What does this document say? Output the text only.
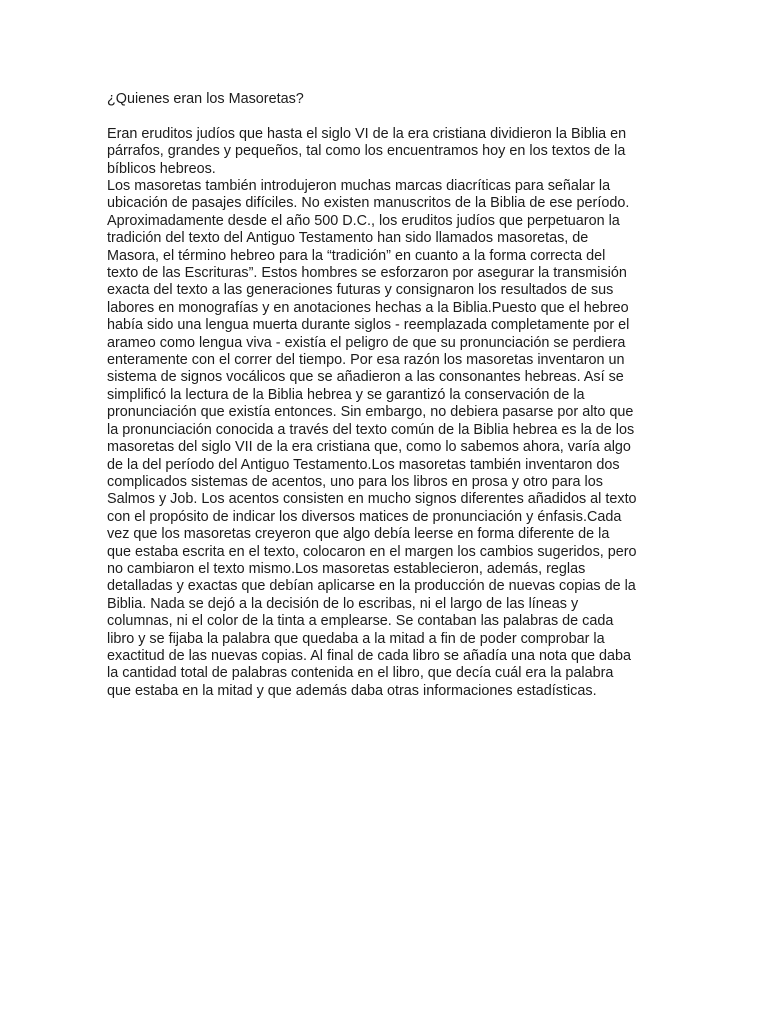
¿Quienes eran los Masoretas?
Eran eruditos judíos que hasta el siglo VI de la era cristiana dividieron la Biblia en
párrafos, grandes y pequeños, tal como los encuentramos hoy en los textos de la
bíblicos hebreos.
Los masoretas también introdujeron muchas marcas diacríticas para señalar la
ubicación de pasajes difíciles. No existen manuscritos de la Biblia de ese período.
Aproximadamente desde el año 500 D.C., los eruditos judíos que perpetuaron la
tradición del texto del Antiguo Testamento han sido llamados masoretas, de
Masora, el término hebreo para la “tradición” en cuanto a la forma correcta del
texto de las Escrituras”. Estos hombres se esforzaron por asegurar la transmisión
exacta del texto a las generaciones futuras y consignaron los resultados de sus
labores en monografías y en anotaciones hechas a la Biblia.Puesto que el hebreo
había sido una lengua muerta durante siglos - reemplazada completamente por el
arameo como lengua viva - existía el peligro de que su pronunciación se perdiera
enteramente con el correr del tiempo. Por esa razón los masoretas inventaron un
sistema de signos vocálicos que se añadieron a las consonantes hebreas. Así se
simplificó la lectura de la Biblia hebrea y se garantizó la conservación de la
pronunciación que existía entonces. Sin embargo, no debiera pasarse por alto que
la pronunciación conocida a través del texto común de la Biblia hebrea es la de los
masoretas del siglo VII de la era cristiana que, como lo sabemos ahora, varía algo
de la del período del Antiguo Testamento.Los masoretas también inventaron dos
complicados sistemas de acentos, uno para los libros en prosa y otro para los
Salmos y Job. Los acentos consisten en mucho signos diferentes añadidos al texto
con el propósito de indicar los diversos matices de pronunciación y énfasis.Cada
vez que los masoretas creyeron que algo debía leerse en forma diferente de la
que estaba escrita en el texto, colocaron en el margen los cambios sugeridos, pero
no cambiaron el texto mismo.Los masoretas establecieron, además, reglas
detalladas y exactas que debían aplicarse en la producción de nuevas copias de la
Biblia. Nada se dejó a la decisión de lo escribas, ni el largo de las líneas y
columnas, ni el color de la tinta a emplearse. Se contaban las palabras de cada
libro y se fijaba la palabra que quedaba a la mitad a fin de poder comprobar la
exactitud de las nuevas copias. Al final de cada libro se añadía una nota que daba
la cantidad total de palabras contenida en el libro, que decía cuál era la palabra
que estaba en la mitad y que además daba otras informaciones estadísticas.
